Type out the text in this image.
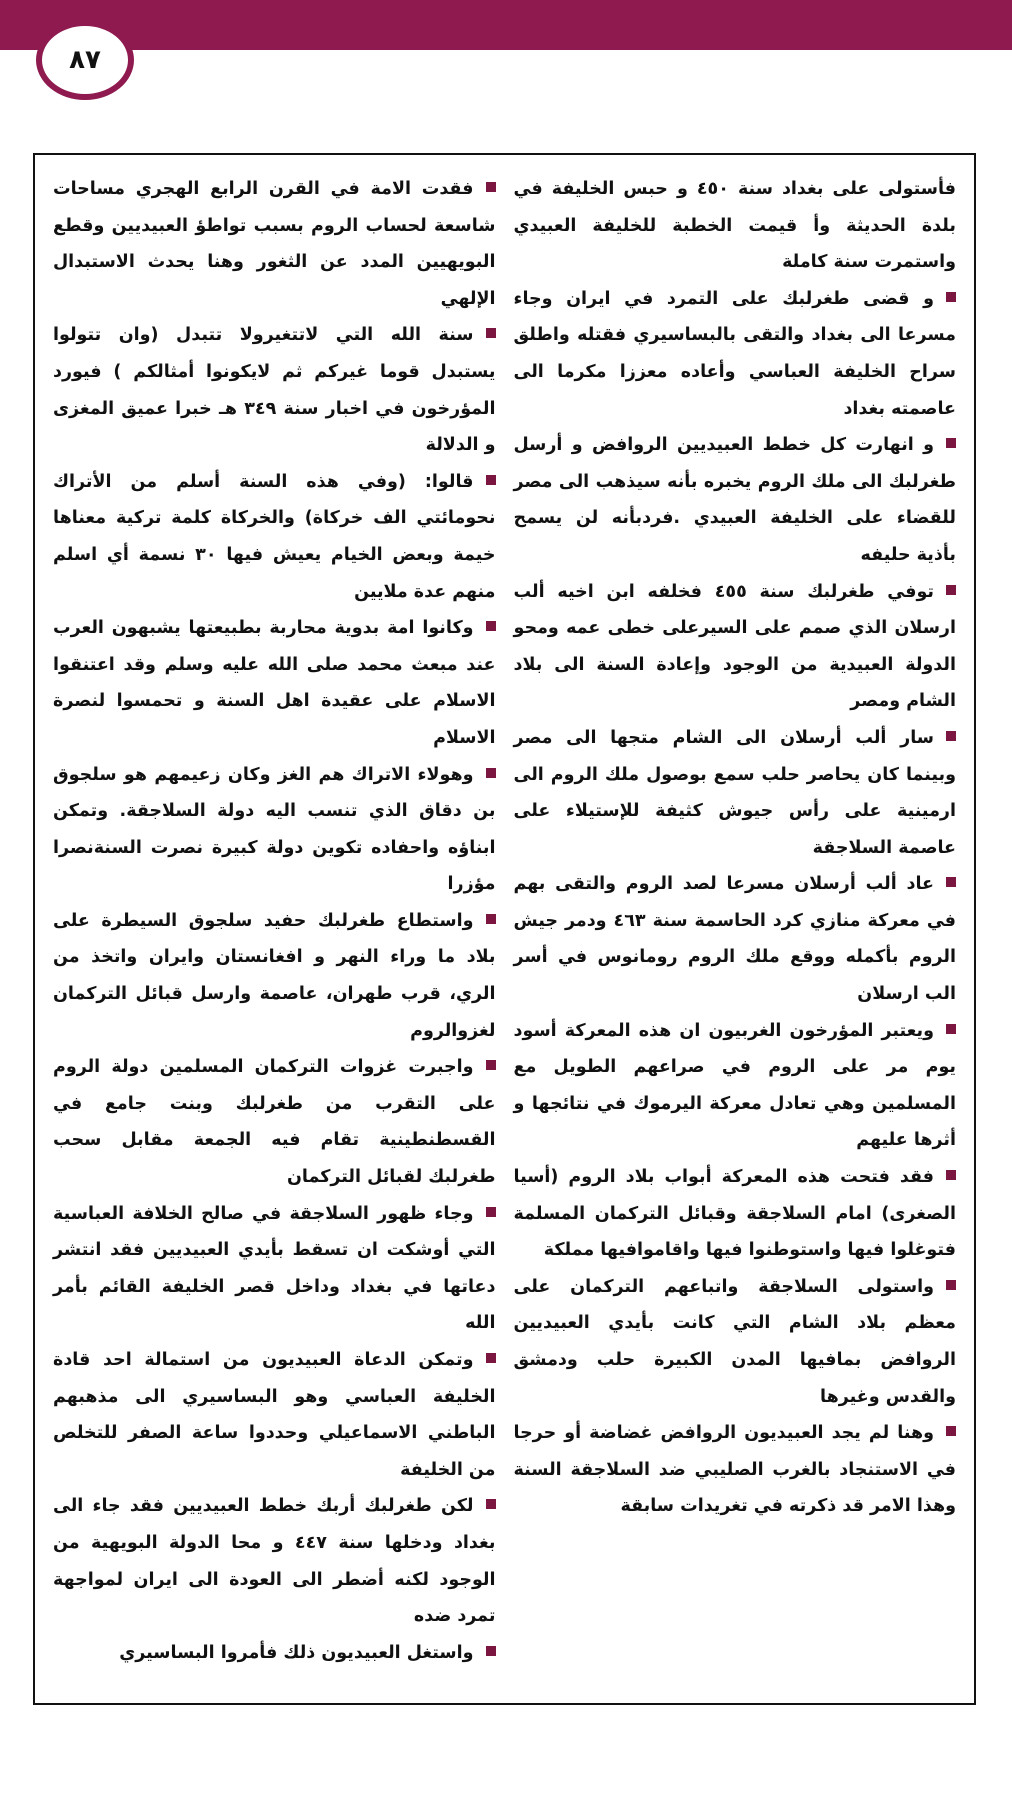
٨٧

فقدت الامة في القرن الرابع الهجري مساحات شاسعة لحساب الروم بسبب تواطؤ العبيديين وقطع البويهيين المدد عن الثغور وهنا يحدث الاستبدال الإلهي

سنة الله التي لاتتغيرولا تتبدل (وان تتولوا يستبدل قوما غيركم ثم لايكونوا أمثالكم ) فيورد المؤرخون في اخبار سنة ٣٤٩ هـ خبرا عميق المغزى و الدلالة

قالوا: (وفي هذه السنة أسلم من الأتراك نحومائتي الف خركاة) والخركاة كلمة تركية معناها خيمة وبعض الخيام يعيش فيها ٣٠ نسمة أي اسلم منهم عدة ملايين

وكانوا امة بدوية محاربة بطبيعتها يشبهون العرب عند مبعث محمد صلى الله عليه وسلم وقد اعتنقوا الاسلام على عقيدة اهل السنة و تحمسوا لنصرة الاسلام

وهولاء الاتراك هم الغز وكان زعيمهم هو سلجوق بن دقاق الذي تنسب اليه دولة السلاجقة. وتمكن ابناؤه واحفاده تكوين دولة كبيرة نصرت السنةنصرا مؤزرا

واستطاع طغرلبك حفيد سلجوق السيطرة على بلاد ما وراء النهر و افغانستان وايران واتخذ من الري، قرب طهران، عاصمة وارسل قبائل التركمان لغزوالروم

واجبرت غزوات التركمان المسلمين دولة الروم على التقرب من طغرلبك وبنت جامع في القسطنطينية تقام فيه الجمعة مقابل سحب طغرلبك لقبائل التركمان

وجاء ظهور السلاجقة في صالح الخلافة العباسية التي أوشكت ان تسقط بأيدي العبيديين فقد انتشر دعاتها في بغداد وداخل قصر الخليفة القائم بأمر الله

وتمكن الدعاة العبيديون من استمالة احد قادة الخليفة العباسي وهو البساسيري الى مذهبهم الباطني الاسماعيلي وحددوا ساعة الصفر للتخلص من الخليفة

لكن طغرلبك أربك خطط العبيديين فقد جاء الى بغداد ودخلها سنة ٤٤٧ و محا الدولة البويهية من الوجود لكنه أضطر الى العودة الى ايران لمواجهة تمرد ضده

واستغل العبيديون ذلك فأمروا البساسيري

فأستولى على بغداد سنة ٤٥٠ و حبس الخليفة في بلدة الحديثة وأ قيمت الخطبة للخليفة العبيدي واستمرت سنة كاملة

و قضى طغرلبك على التمرد في ايران وجاء مسرعا الى بغداد والتقى بالبساسيري فقتله واطلق سراح الخليفة العباسي وأعاده معززا مكرما الى عاصمته بغداد

و انهارت كل خطط العبيديين الروافض و أرسل طغرلبك الى ملك الروم يخبره بأنه سيذهب الى مصر للقضاء على الخليفة العبيدي .فردبأنه لن يسمح بأذية حليفه

توفي طغرلبك سنة ٤٥٥ فخلفه ابن اخيه ألب ارسلان الذي صمم على السيرعلى خطى عمه ومحو الدولة العبيدية من الوجود وإعادة السنة الى بلاد الشام ومصر

سار ألب أرسلان الى الشام متجها الى مصر وبينما كان يحاصر حلب سمع بوصول ملك الروم الى ارمينية على رأس جيوش كثيفة للإستيلاء على عاصمة السلاجقة

عاد ألب أرسلان مسرعا لصد الروم والتقى بهم في معركة منازي كرد الحاسمة سنة ٤٦٣ ودمر جيش الروم بأكمله ووقع ملك الروم رومانوس في أسر الب ارسلان

ويعتبر المؤرخون الغربيون ان هذه المعركة أسود يوم مر على الروم في صراعهم الطويل مع المسلمين وهي تعادل معركة اليرموك في نتائجها و أثرها عليهم

فقد فتحت هذه المعركة أبواب بلاد الروم (أسيا الصغرى) امام السلاجقة وقبائل التركمان المسلمة فتوغلوا فيها واستوطنوا فيها واقاموافيها مملكة

واستولى السلاجقة واتباعهم التركمان على معظم بلاد الشام التي كانت بأيدي العبيديين الروافض بمافيها المدن الكبيرة حلب ودمشق والقدس وغيرها

وهنا لم يجد العبيديون الروافض غضاضة أو حرجا في الاستنجاد بالغرب الصليبي ضد السلاجقة السنة وهذا الامر قد ذكرته في تغريدات سابقة
